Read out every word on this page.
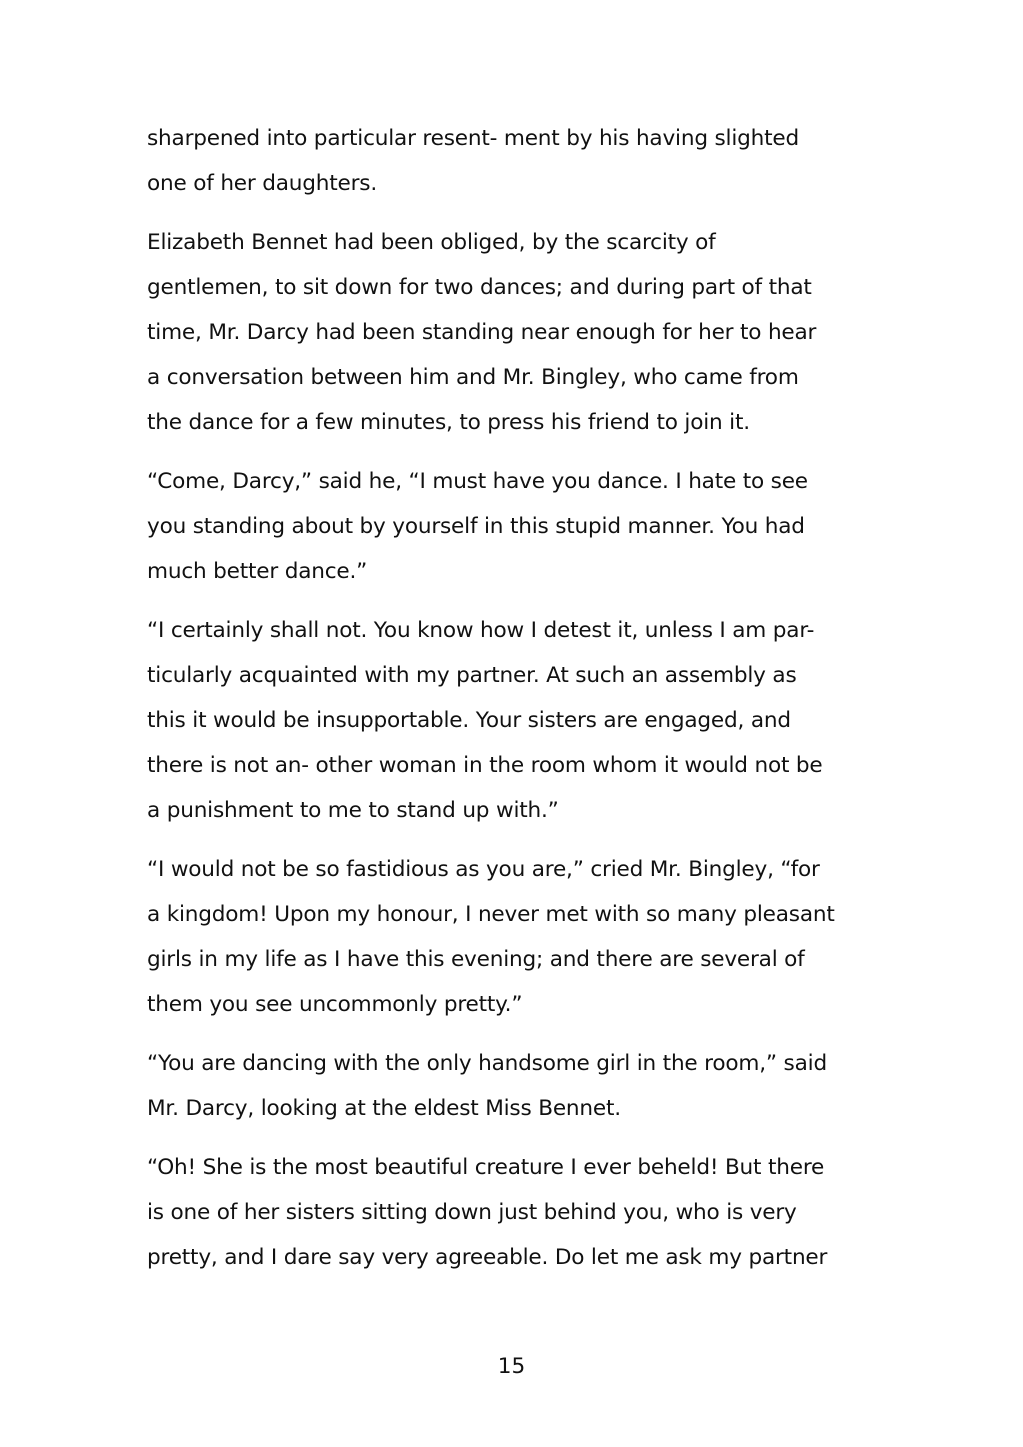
sharpened into particular resent- ment by his having slighted
one of her daughters.

Elizabeth Bennet had been obliged, by the scarcity of
gentlemen, to sit down for two dances; and during part of that
time, Mr. Darcy had been standing near enough for her to hear
a conversation between him and Mr. Bingley, who came from
the dance for a few minutes, to press his friend to join it.

“Come, Darcy,” said he, “I must have you dance. I hate to see
you standing about by yourself in this stupid manner. You had
much better dance.”

“I certainly shall not. You know how I detest it, unless I am par-
ticularly acquainted with my partner. At such an assembly as
this it would be insupportable. Your sisters are engaged, and
there is not an- other woman in the room whom it would not be
a punishment to me to stand up with.”

“I would not be so fastidious as you are,” cried Mr. Bingley, “for
a kingdom! Upon my honour, I never met with so many pleasant
girls in my life as I have this evening; and there are several of
them you see uncommonly pretty.”

“You are dancing with the only handsome girl in the room,” said
Mr. Darcy, looking at the eldest Miss Bennet.

“Oh! She is the most beautiful creature I ever beheld! But there
is one of her sisters sitting down just behind you, who is very
pretty, and I dare say very agreeable. Do let me ask my partner

15
